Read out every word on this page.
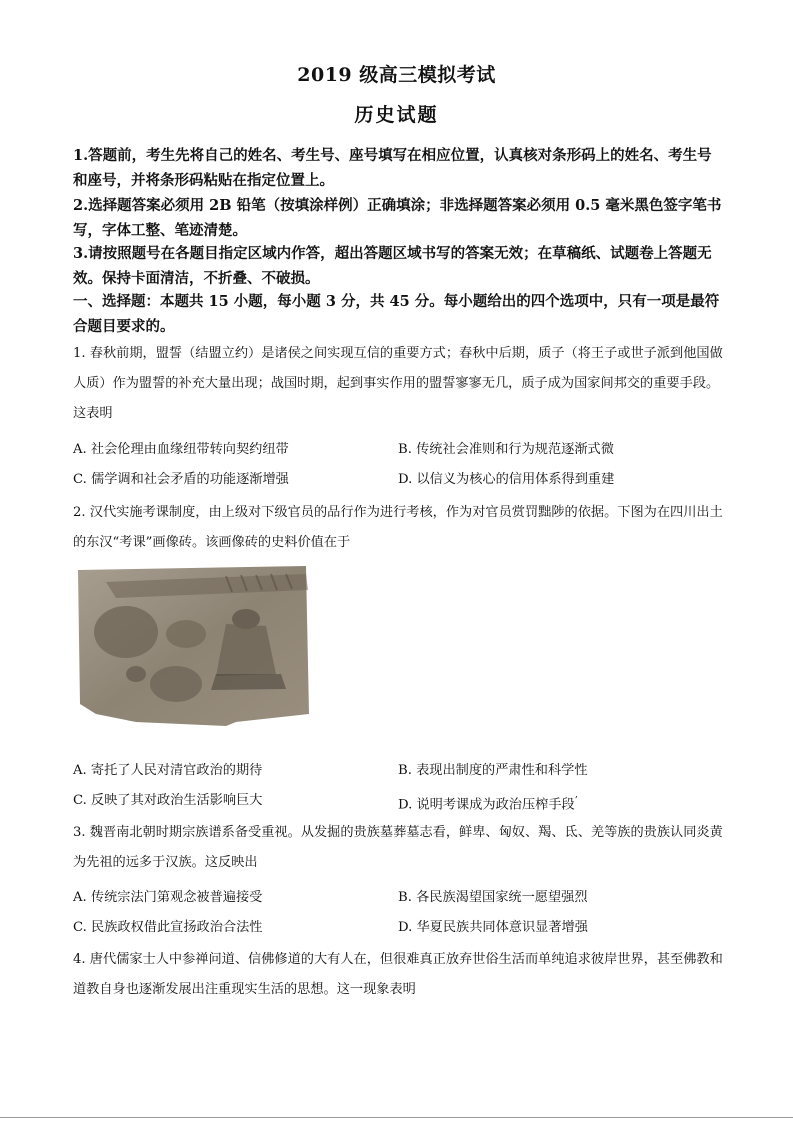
2019 级高三模拟考试
历史试题
1.答题前，考生先将自己的姓名、考生号、座号填写在相应位置，认真核对条形码上的姓名、考生号和座号，并将条形码粘贴在指定位置上。
2.选择题答案必须用 2B 铅笔（按填涂样例）正确填涂；非选择题答案必须用 0.5 毫米黑色签字笔书写，字体工整、笔迹清楚。
3.请按照题号在各题目指定区域内作答，超出答题区域书写的答案无效；在草稿纸、试题卷上答题无效。保持卡面清洁，不折叠、不破损。
一、选择题：本题共 15 小题，每小题 3 分，共 45 分。每小题给出的四个选项中，只有一项是最符合题目要求的。
1. 春秋前期，盟誓（结盟立约）是诸侯之间实现互信的重要方式；春秋中后期，质子（将王子或世子派到他国做人质）作为盟誓的补充大量出现；战国时期，起到事实作用的盟誓寥寥无几，质子成为国家间邦交的重要手段。这表明
A. 社会伦理由血缘纽带转向契约纽带	B. 传统社会准则和行为规范逐渐式微
C. 儒学调和社会矛盾的功能逐渐增强	D. 以信义为核心的信用体系得到重建
2. 汉代实施考课制度，由上级对下级官员的品行作为进行考核，作为对官员赏罚黜陟的依据。下图为在四川出土的东汉“考课”画像砖。该画像砖的史料价值在于
A. 寄托了人民对清官政治的期待	B. 表现出制度的严肃性和科学性
C. 反映了其对政治生活影响巨大	D. 说明考课成为政治压榨手段’
3. 魏晋南北朝时期宗族谱系备受重视。从发掘的贵族墓葬墓志看，鲜卑、匈奴、羯、氐、羌等族的贵族认同炎黄为先祖的远多于汉族。这反映出
A. 传统宗法门第观念被普遍接受	B. 各民族渴望国家统一愿望强烈
C. 民族政权借此宣扬政治合法性	D. 华夏民族共同体意识显著增强
4. 唐代儒家士人中参禅问道、信佛修道的大有人在，但很难真正放弃世俗生活而单纯追求彼岸世界，甚至佛教和道教自身也逐渐发展出注重现实生活的思想。这一现象表明
